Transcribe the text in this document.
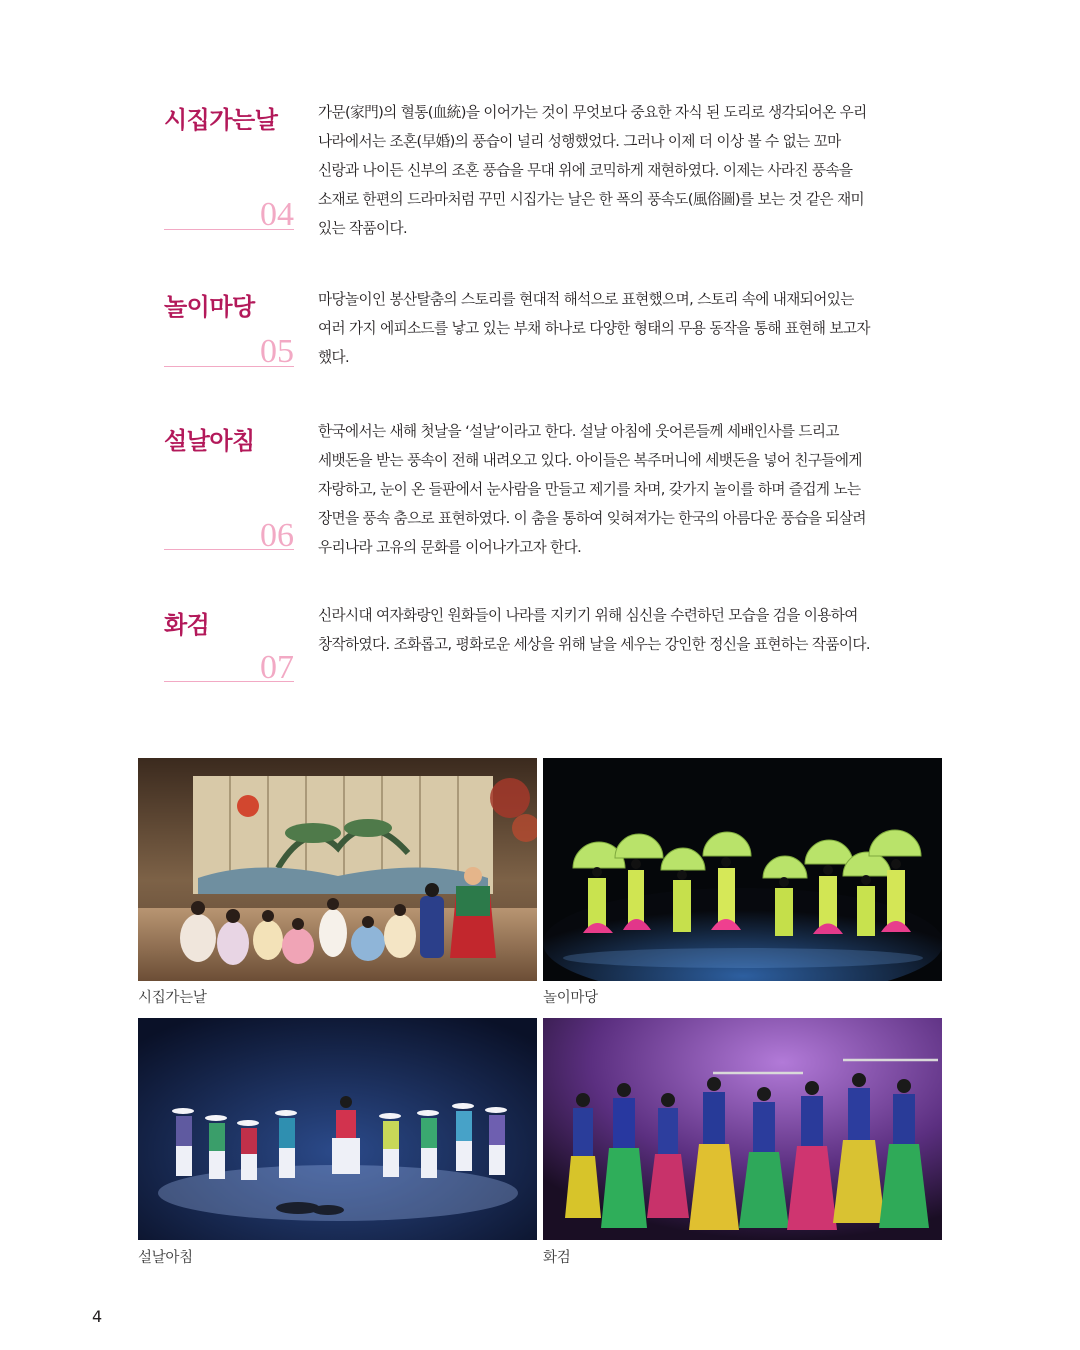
시집가는날
04

가문(家門)의 혈통(血統)을 이어가는 것이 무엇보다 중요한 자식 된 도리로 생각되어온 우리
나라에서는 조혼(早婚)의 풍습이 널리 성행했었다. 그러나 이제 더 이상 볼 수 없는 꼬마
신랑과 나이든 신부의 조혼 풍습을 무대 위에 코믹하게 재현하였다. 이제는 사라진 풍속을
소재로 한편의 드라마처럼 꾸민 시집가는 날은 한 폭의 풍속도(風俗圖)를 보는 것 같은 재미
있는 작품이다.

놀이마당
05

마당놀이인 봉산탈춤의 스토리를 현대적 해석으로 표현했으며, 스토리 속에 내재되어있는
여러 가지 에피소드를 낳고 있는 부채 하나로 다양한 형태의 무용 동작을 통해 표현해 보고자
했다.

설날아침
06

한국에서는 새해 첫날을 ‘설날’이라고 한다. 설날 아침에 웃어른들께 세배인사를 드리고
세뱃돈을 받는 풍속이 전해 내려오고 있다. 아이들은 복주머니에 세뱃돈을 넣어 친구들에게
자랑하고, 눈이 온 들판에서 눈사람을 만들고 제기를 차며, 갖가지 놀이를 하며 즐겁게 노는
장면을 풍속 춤으로 표현하였다. 이 춤을 통하여 잊혀져가는 한국의 아름다운 풍습을 되살려
우리나라 고유의 문화를 이어나가고자 한다.

화검
07

신라시대 여자화랑인 원화들이 나라를 지키기 위해 심신을 수련하던 모습을 검을 이용하여
창작하였다. 조화롭고, 평화로운 세상을 위해 날을 세우는 강인한 정신을 표현하는 작품이다.

시집가는날	놀이마당
설날아침	화검
4
